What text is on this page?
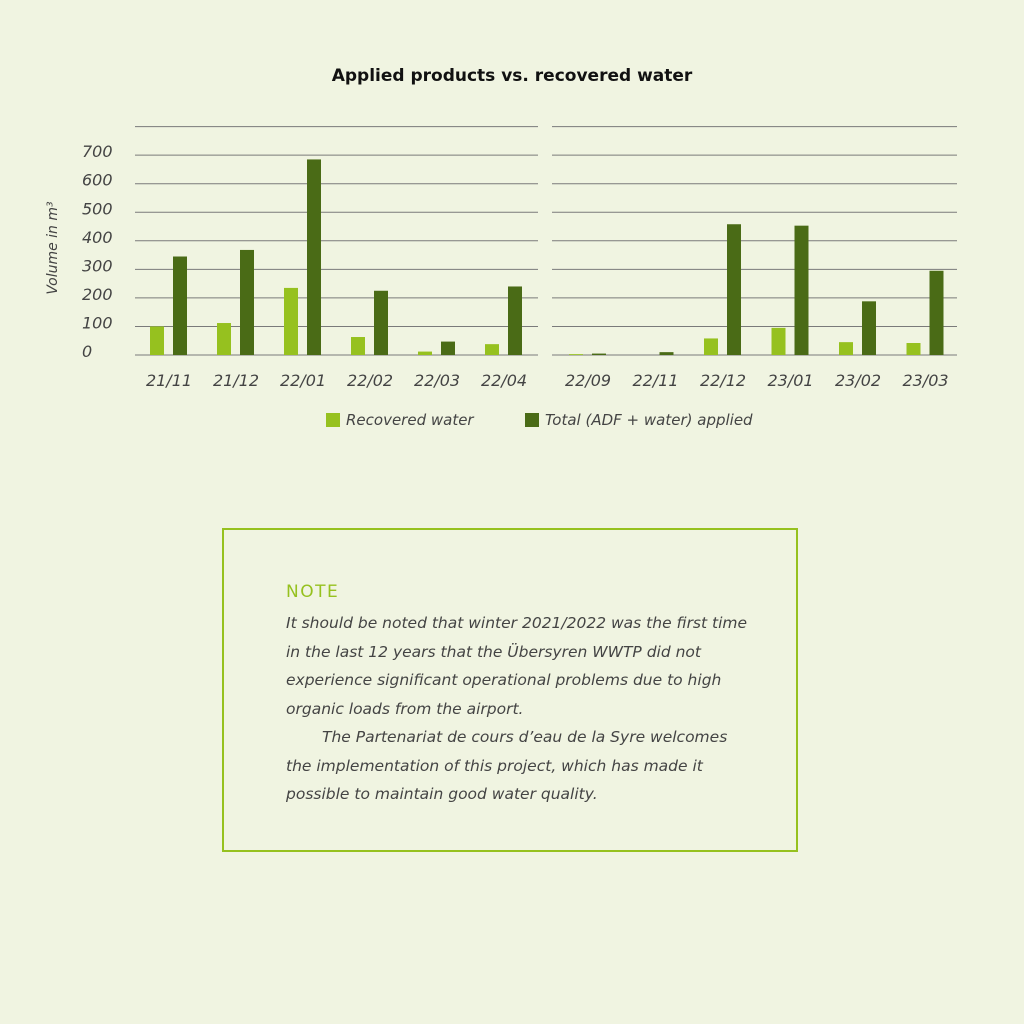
Applied products vs. recovered water
0
100
200
300
400
500
600
700
Volume in m³
21/11 21/12 22/01 22/02 22/03 22/04 22/09 22/11 22/12 23/01 23/02 23/03
Recovered water	Total (ADF + water) applied
NOTE

It should be noted that winter 2021/2022 was the first time in the last 12 years that the Übersyren WWTP did not experience significant operational problems due to high organic loads from the airport.

The Partenariat de cours d’eau de la Syre welcomes the implementation of this project, which has made it possible to maintain good water quality.
